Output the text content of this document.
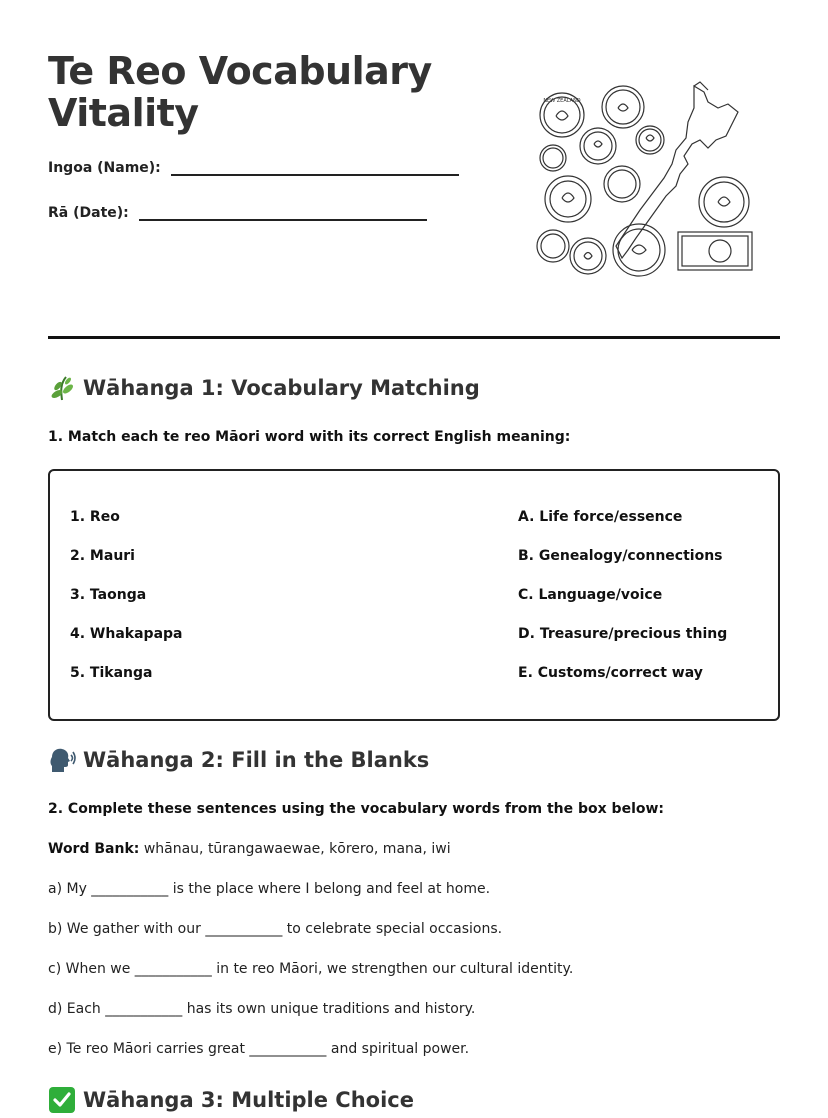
Te Reo Vocabulary
Vitality
Ingoa (Name):
Rā (Date):
NEW ZEALAND
Wāhanga 1: Vocabulary Matching
1. Match each te reo Māori word with its correct English meaning:
1. Reo
2. Mauri
3. Taonga
4. Whakapapa
5. Tikanga
A. Life force/essence
B. Genealogy/connections
C. Language/voice
D. Treasure/precious thing
E. Customs/correct way
Wāhanga 2: Fill in the Blanks
2. Complete these sentences using the vocabulary words from the box below:
Word Bank: whānau, tūrangawaewae, kōrero, mana, iwi
a) My ___________ is the place where I belong and feel at home.
b) We gather with our ___________ to celebrate special occasions.
c) When we ___________ in te reo Māori, we strengthen our cultural identity.
d) Each ___________ has its own unique traditions and history.
e) Te reo Māori carries great ___________ and spiritual power.
Wāhanga 3: Multiple Choice
